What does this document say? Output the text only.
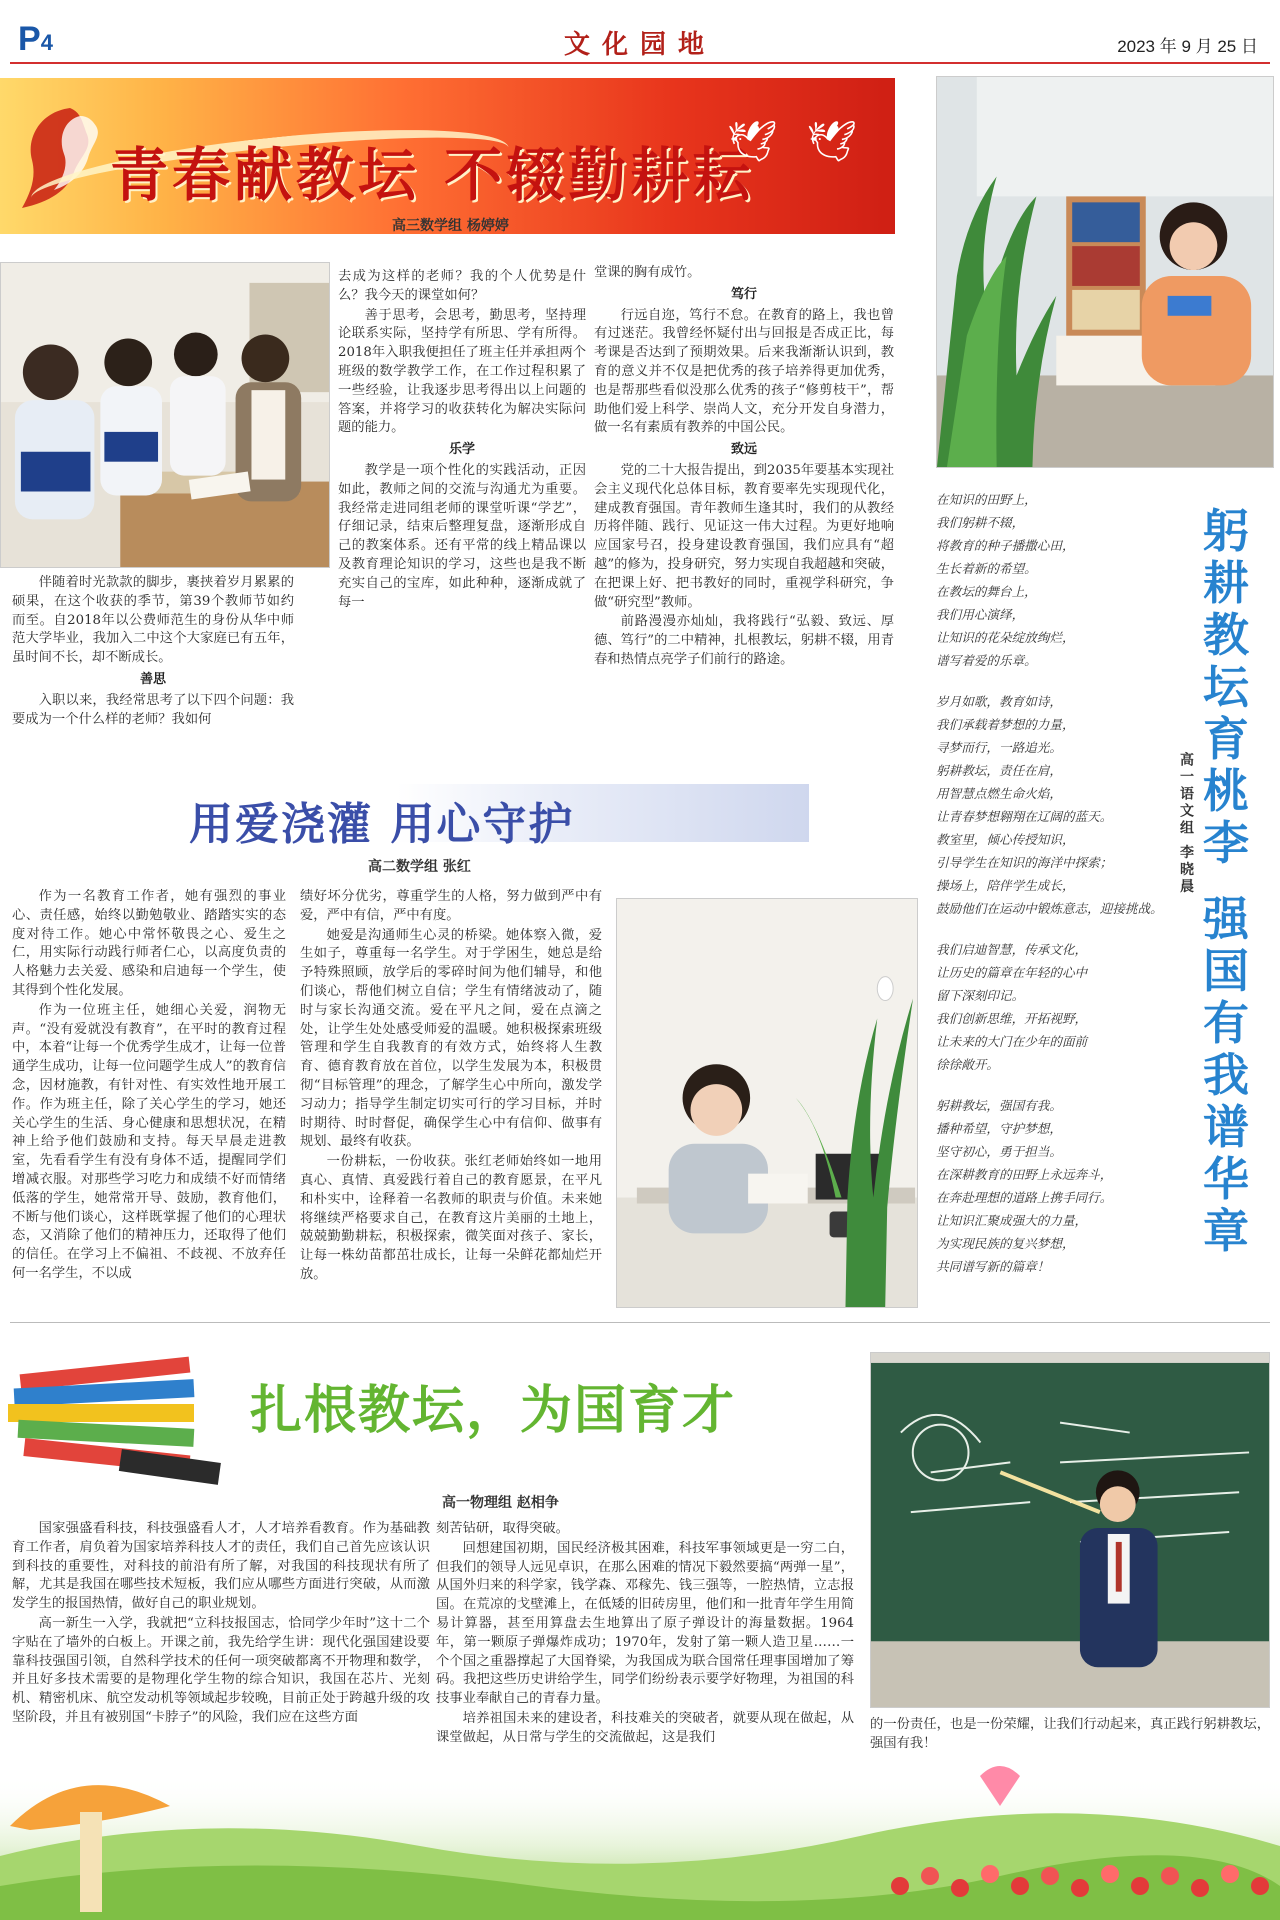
P4	文化园地	2023 年 9 月 25 日
青春献教坛 不辍勤耕耘
🕊 🕊
高三数学组 杨婷婷

伴随着时光款款的脚步，裹挟着岁月累累的硕果，在这个收获的季节，第39个教师节如约而至。自2018年以公费师范生的身份从华中师范大学毕业，我加入二中这个大家庭已有五年，虽时间不长，却不断成长。

善思

入职以来，我经常思考了以下四个问题：我要成为一个什么样的老师？我如何

去成为这样的老师？我的个人优势是什么？我今天的课堂如何？

善于思考，会思考，勤思考，坚持理论联系实际，坚持学有所思、学有所得。2018年入职我便担任了班主任并承担两个班级的数学教学工作，在工作过程积累了一些经验，让我逐步思考得出以上问题的答案，并将学习的收获转化为解决实际问题的能力。

乐学

教学是一项个性化的实践活动，正因如此，教师之间的交流与沟通尤为重要。我经常走进同组老师的课堂听课“学艺”，仔细记录，结束后整理复盘，逐渐形成自己的教案体系。还有平常的线上精品课以及教育理论知识的学习，这些也是我不断充实自己的宝库，如此种种，逐渐成就了每一

堂课的胸有成竹。

笃行

行远自迩，笃行不怠。在教育的路上，我也曾有过迷茫。我曾经怀疑付出与回报是否成正比，每考课是否达到了预期效果。后来我渐渐认识到，教育的意义并不仅是把优秀的孩子培养得更加优秀，也是帮那些看似没那么优秀的孩子“修剪枝干”，帮助他们爱上科学、崇尚人文，充分开发自身潜力，做一名有素质有教养的中国公民。

致远

党的二十大报告提出，到2035年要基本实现社会主义现代化总体目标，教育要率先实现现代化，建成教育强国。青年教师生逢其时，我们的从教经历将伴随、践行、见证这一伟大过程。为更好地响应国家号召，投身建设教育强国，我们应具有“超越”的修为，投身研究，努力实现自我超越和突破，在把课上好、把书教好的同时，重视学科研究，争做“研究型”教师。

前路漫漫亦灿灿，我将践行“弘毅、致远、厚德、笃行”的二中精神，扎根教坛，躬耕不辍，用青春和热情点亮学子们前行的路途。

躬
耕
教
坛
育
桃
李
强
国
有
我
谱
华
章
高一语文组 李晓晨
在知识的田野上，
我们躬耕不辍，
将教育的种子播撒心田，
生长着新的希望。
在教坛的舞台上，
我们用心演绎，
让知识的花朵绽放绚烂，
谱写着爱的乐章。
岁月如歌，教育如诗，
我们承载着梦想的力量，
寻梦而行，一路追光。
躬耕教坛，责任在肩，
用智慧点燃生命火焰，
让青春梦想翱翔在辽阔的蓝天。
教室里，倾心传授知识，
引导学生在知识的海洋中探索；
操场上，陪伴学生成长，
鼓励他们在运动中锻炼意志，迎接挑战。
我们启迪智慧，传承文化，
让历史的篇章在年轻的心中
留下深刻印记。
我们创新思维，开拓视野，
让未来的大门在少年的面前
徐徐敞开。
躬耕教坛，强国有我。
播种希望，守护梦想，
坚守初心，勇于担当。
在深耕教育的田野上永远奔斗，
在奔赴理想的道路上携手同行。
让知识汇聚成强大的力量，
为实现民族的复兴梦想，
共同谱写新的篇章！
用爱浇灌 用心守护
高二数学组 张红

作为一名教育工作者，她有强烈的事业心、责任感，始终以勤勉敬业、踏踏实实的态度对待工作。她心中常怀敬畏之心、爱生之仁，用实际行动践行师者仁心，以高度负责的人格魅力去关爱、感染和启迪每一个学生，使其得到个性化发展。

作为一位班主任，她细心关爱，润物无声。“没有爱就没有教育”，在平时的教育过程中，本着“让每一个优秀学生成才，让每一位普通学生成功，让每一位问题学生成人”的教育信念，因材施教，有针对性、有实效性地开展工作。作为班主任，除了关心学生的学习，她还关心学生的生活、身心健康和思想状况，在精神上给予他们鼓励和支持。每天早晨走进教室，先看看学生有没有身体不适，提醒同学们增减衣服。对那些学习吃力和成绩不好而情绪低落的学生，她常常开导、鼓励，教育他们，不断与他们谈心，这样既掌握了他们的心理状态，又消除了他们的精神压力，还取得了他们的信任。在学习上不偏祖、不歧视、不放弃任何一名学生，不以成

绩好坏分优劣，尊重学生的人格，努力做到严中有爱，严中有信，严中有度。

她爱是沟通师生心灵的桥梁。她体察入微，爱生如子，尊重每一名学生。对于学困生，她总是给予特殊照顾，放学后的零碎时间为他们辅导，和他们谈心，帮他们树立自信；学生有情绪波动了，随时与家长沟通交流。爱在平凡之间，爱在点滴之处，让学生处处感受师爱的温暖。她积极探索班级管理和学生自我教育的有效方式，始终将人生教育、德育教育放在首位，以学生发展为本，积极贯彻“目标管理”的理念，了解学生心中所向，激发学习动力；指导学生制定切实可行的学习目标，并时时期待、时时督促，确保学生心中有信仰、做事有规划、最终有收获。

一份耕耘，一份收获。张红老师始终如一地用真心、真情、真爱践行着自己的教育愿景，在平凡和朴实中，诠释着一名教师的职责与价值。未来她将继续严格要求自己，在教育这片美丽的土地上，兢兢勤勤耕耘，积极探索，微笑面对孩子、家长，让每一株幼苗都茁壮成长，让每一朵鲜花都灿烂开放。

扎根教坛，为国育才
高一物理组 赵相争

国家强盛看科技，科技强盛看人才，人才培养看教育。作为基础教育工作者，肩负着为国家培养科技人才的责任，我们自己首先应该认识到科技的重要性，对科技的前沿有所了解，对我国的科技现状有所了解，尤其是我国在哪些技术短板，我们应从哪些方面进行突破，从而激发学生的报国热情，做好自己的职业规划。

高一新生一入学，我就把“立科技报国志，恰同学少年时”这十二个字贴在了墙外的白板上。开课之前，我先给学生讲：现代化强国建设要靠科技强国引领，自然科学技术的任何一项突破都离不开物理和数学，并且好多技术需要的是物理化学生物的综合知识，我国在芯片、光刻机、精密机床、航空发动机等领域起步较晚，目前正处于跨越升级的攻坚阶段，并且有被别国“卡脖子”的风险，我们应在这些方面

刻苦钻研，取得突破。

回想建国初期，国民经济极其困难，科技军事领域更是一穷二白，但我们的领导人远见卓识，在那么困难的情况下毅然要搞“两弹一星”，从国外归来的科学家，钱学森、邓稼先、钱三强等，一腔热情，立志报国。在荒凉的戈壁滩上，在低矮的旧砖房里，他们和一批青年学生用简易计算器，甚至用算盘去生地算出了原子弹设计的海量数据。1964年，第一颗原子弹爆炸成功；1970年，发射了第一颗人造卫星……一个个国之重器撑起了大国脊梁，为我国成为联合国常任理事国增加了筹码。我把这些历史讲给学生，同学们纷纷表示要学好物理，为祖国的科技事业奉献自己的青春力量。

培养祖国未来的建设者，科技难关的突破者，就要从现在做起，从课堂做起，从日常与学生的交流做起，这是我们

的一份责任，也是一份荣耀，让我们行动起来，真正践行躬耕教坛，强国有我！
